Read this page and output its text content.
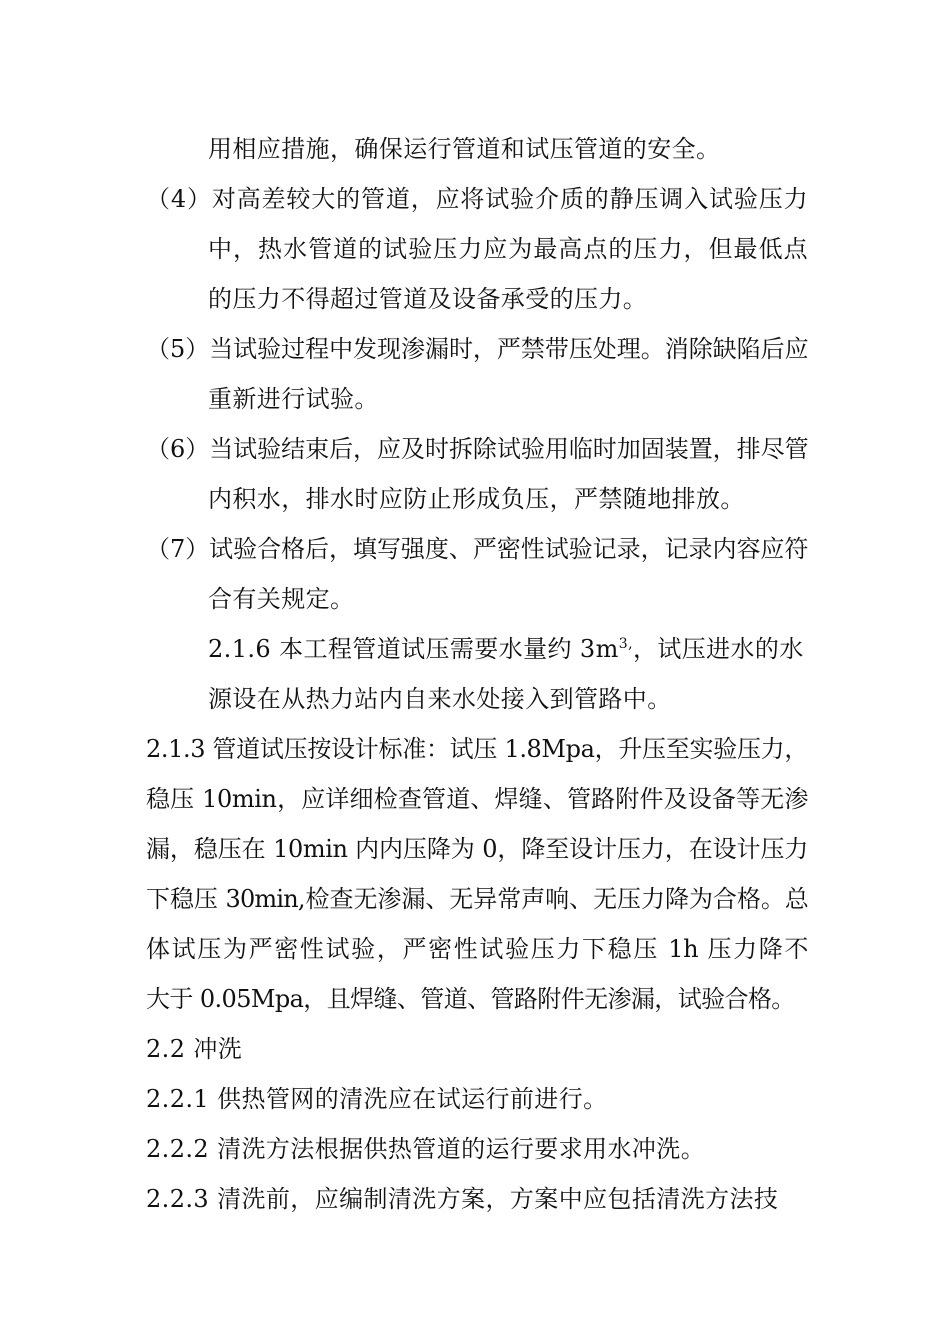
用相应措施，确保运行管道和试压管道的安全。
（4）对高差较大的管道，应将试验介质的静压调入试验压力
中，热水管道的试验压力应为最高点的压力，但最低点
的压力不得超过管道及设备承受的压力。
（5）当试验过程中发现渗漏时，严禁带压处理。消除缺陷后应
重新进行试验。
（6）当试验结束后，应及时拆除试验用临时加固装置，排尽管
内积水，排水时应防止形成负压，严禁随地排放。
（7）试验合格后，填写强度、严密性试验记录，记录内容应符
合有关规定。
2.1.6 本工程管道试压需要水量约 $3m^{3,}$，试压进水的水
源设在从热力站内自来水处接入到管路中。
2.1.3 管道试压按设计标准：试压 1.8Mpa，升压至实验压力，
稳压 10min，应详细检查管道、焊缝、管路附件及设备等无渗
漏，稳压在 10min 内内压降为 0，降至设计压力，在设计压力
下稳压 30min,检查无渗漏、无异常声响、无压力降为合格。总
体试压为严密性试验，严密性试验压力下稳压 1h 压力降不
大于 0.05Mpa，且焊缝、管道、管路附件无渗漏，试验合格。
2.2 冲洗
2.2.1 供热管网的清洗应在试运行前进行。
2.2.2 清洗方法根据供热管道的运行要求用水冲洗。
2.2.3 清洗前，应编制清洗方案，方案中应包括清洗方法技
